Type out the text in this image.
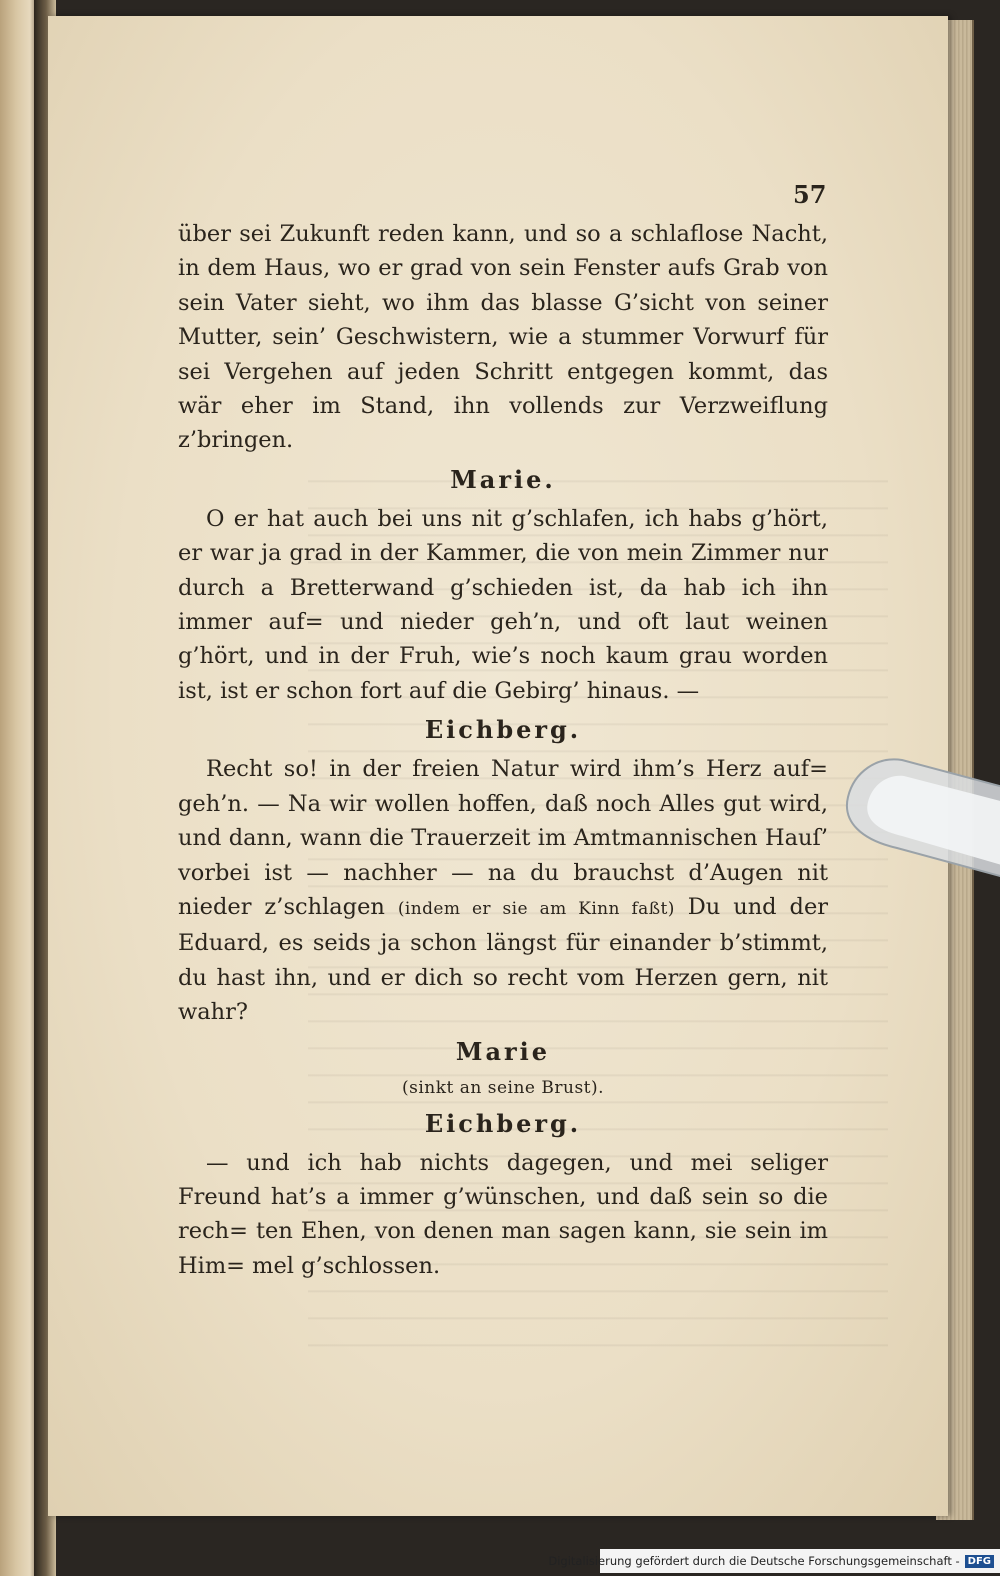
57

über sei Zukunft reden kann, und so a schlaflose Nacht, in dem Haus, wo er grad von sein Fenster aufs Grab von sein Vater sieht, wo ihm das blasse G’sicht von seiner Mutter, sein’ Geschwistern, wie a stummer Vorwurf für sei Vergehen auf jeden Schritt entgegen kommt, das wär eher im Stand, ihn vollends zur Verzweiflung z’bringen.

Marie.

O er hat auch bei uns nit g’schlafen, ich habs g’hört, er war ja grad in der Kammer, die von mein Zimmer nur durch a Bretterwand g’schieden ist, da hab ich ihn immer auf= und nieder geh’n, und oft laut weinen g’hört, und in der Fruh, wie’s noch kaum grau worden ist, ist er schon fort auf die Gebirg’ hinaus. —

Eichberg.

Recht so! in der freien Natur wird ihm’s Herz auf= geh’n. — Na wir wollen hoffen, daß noch Alles gut wird, und dann, wann die Trauerzeit im Amtmannischen Hauſ’ vorbei ist — nachher — na du brauchst d’Augen nit nieder z’schlagen (indem er sie am Kinn faßt) Du und der Eduard, es seids ja schon längst für einander b’stimmt, du hast ihn, und er dich so recht vom Herzen gern, nit wahr?

Marie

(sinkt an seine Brust).

Eichberg.

— und ich hab nichts dagegen, und mei seliger Freund hat’s a immer g’wünschen, und daß sein so die rech= ten Ehen, von denen man sagen kann, sie sein im Him= mel g’schlossen.

Digitalisierung gefördert durch die Deutsche Forschungsgemeinschaft - DFG
